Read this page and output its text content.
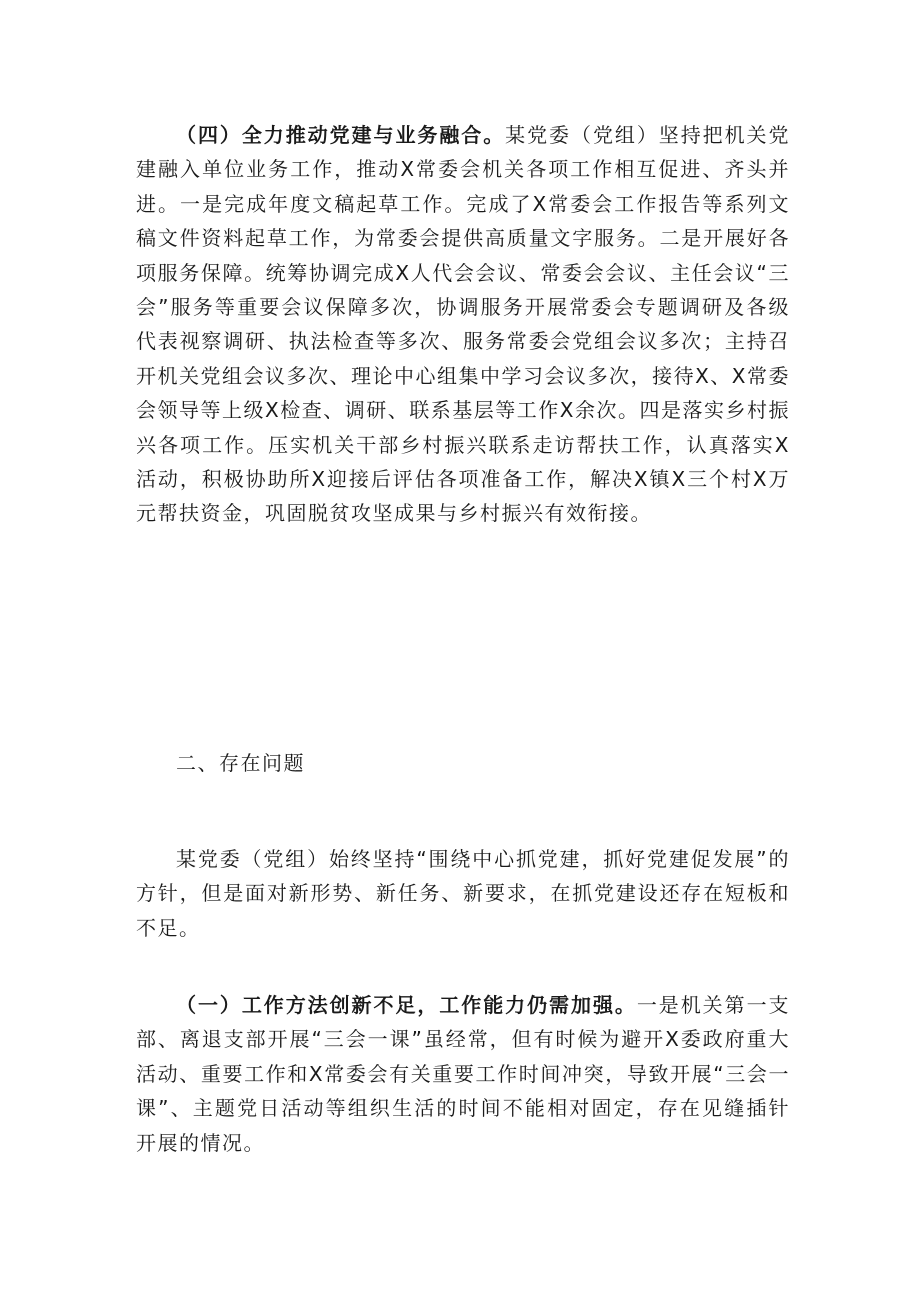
（四）全力推动党建与业务融合。某党委（党组）坚持把机关党建融入单位业务工作，推动X常委会机关各项工作相互促进、齐头并进。一是完成年度文稿起草工作。完成了X常委会工作报告等系列文稿文件资料起草工作，为常委会提供高质量文字服务。二是开展好各项服务保障。统筹协调完成X人代会会议、常委会会议、主任会议“三会”服务等重要会议保障多次，协调服务开展常委会专题调研及各级代表视察调研、执法检查等多次、服务常委会党组会议多次；主持召开机关党组会议多次、理论中心组集中学习会议多次，接待X、X常委会领导等上级X检查、调研、联系基层等工作X余次。四是落实乡村振兴各项工作。压实机关干部乡村振兴联系走访帮扶工作，认真落实X活动，积极协助所X迎接后评估各项准备工作，解决X镇X三个村X万元帮扶资金，巩固脱贫攻坚成果与乡村振兴有效衔接。

二、存在问题

某党委（党组）始终坚持“围绕中心抓党建，抓好党建促发展”的方针，但是面对新形势、新任务、新要求，在抓党建设还存在短板和不足。

（一）工作方法创新不足，工作能力仍需加强。一是机关第一支部、离退支部开展“三会一课”虽经常，但有时候为避开X委政府重大活动、重要工作和X常委会有关重要工作时间冲突，导致开展“三会一课”、主题党日活动等组织生活的时间不能相对固定，存在见缝插针开展的情况。
